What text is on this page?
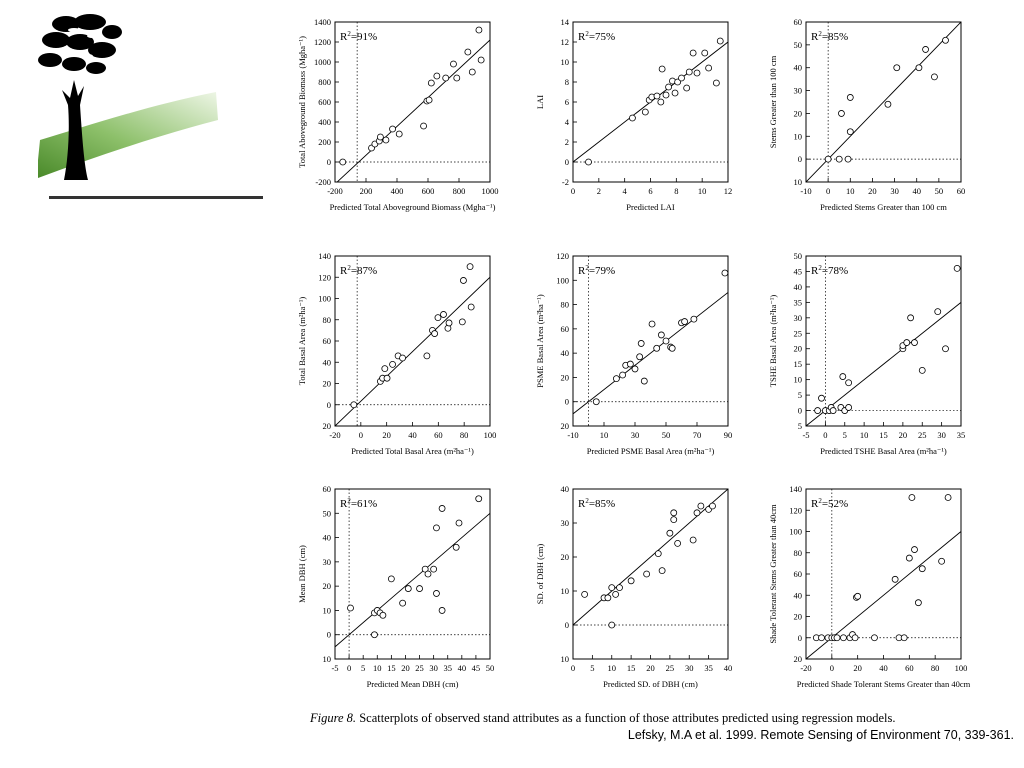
-200 200 400 600 800 1000
-200
0
200
400
600
800
1000
1200
1400
$R^2=91\%$
Predicted Total Aboveground Biomass (Mgha⁻¹)
Total Aboveground Biomass (Mgha⁻¹)
0	2	4	6	8 10 12
-2
0
2
4
6
8
10
12
14
$R^2=75\%$
Predicted LAI
LAI
-10 0 10 20 30 40 50 60
10
0
10
20
30
40
50
60
$R^2=85\%$
Predicted Stems Greater than 100 cm
Stems Greater than 100 cm
-20 0 20 40 60 80 100
20
0
20
40
60
80
100
120
140
$R^2=87\%$
Predicted Total Basal Area (m²ha⁻¹)
Total Basal Area (m²ha⁻¹)
-10 10	30	50	70	90
20
0
20
40
60
80
100
120
$R^2=79\%$
Predicted PSME Basal Area (m²ha⁻¹)
PSME Basal Area (m²ha⁻¹)
-5 0 5 10 15 20 25 30 35
5
0
5
10
15
20
25
30
35
40
45
50
$R^2=78\%$
Predicted TSHE Basal Area (m²ha⁻¹)
TSHE Basal Area (m²ha⁻¹)
-5 0 5 10 15 20 25 30 35 40 45 50
10
0
10
20
30
40
50
60
$R^2=61\%$
Predicted Mean DBH (cm)
Mean DBH (cm)
0 5 10 15 20 25 30 35 40
10
0
10
20
30
40
$R^2=85\%$
Predicted SD. of DBH (cm)
SD. of DBH (cm)
-20 0 20 40 60 80 100
20
0
20
40
60
80
100
120
140
$R^2=52\%$
Predicted Shade Tolerant Stems Greater than 40cm
Shade Tolerant Stems Greater than 40cm
Figure 8. Scatterplots of observed stand attributes as a function of those attributes predicted using regression models.
Lefsky, M.A et al. 1999. Remote Sensing of Environment 70, 339-361.
